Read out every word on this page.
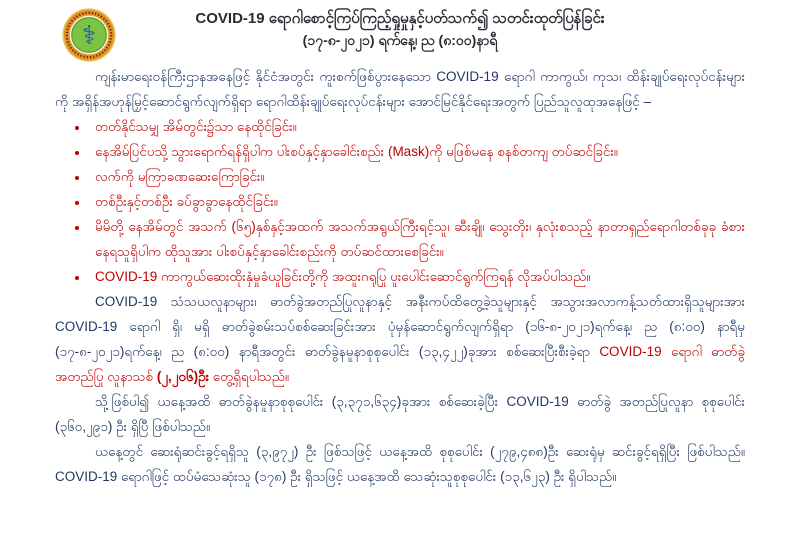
⚕
COVID-19 ရောဂါစောင့်ကြပ်ကြည့်ရှုမှုနှင့်ပတ်သက်၍ သတင်းထုတ်ပြန်ခြင်း
(၁၇-၈-၂၀၂၁) ရက်နေ့၊ ည (၈:၀၀)နာရီ

ကျန်းမာရေးဝန်ကြီးဌာနအနေဖြင့် နိုင်ငံအတွင်း ကူးစက်ဖြစ်ပွားနေသော COVID-19 ရောဂါ ကာကွယ်၊ ကုသ၊ ထိန်းချုပ်ရေးလုပ်ငန်းများကို အရှိန်အဟုန်မြှင့်ဆောင်ရွက်လျက်ရှိရာ ရောဂါထိန်းချုပ်ရေးလုပ်ငန်းများ အောင်မြင်နိုင်ရေးအတွက် ပြည်သူလူထုအနေဖြင့် –

• တတ်နိုင်သမျှ အိမ်တွင်း၌သာ နေထိုင်ခြင်း။
• နေအိမ်ပြင်ပသို့ သွားရောက်ရန်ရှိပါက ပါးစပ်နှင့်နှာခေါင်းစည်း (Mask)ကို မဖြစ်မနေ စနစ်တကျ တပ်ဆင်ခြင်း။
• လက်ကို မကြာခဏဆေးကြောခြင်း။
• တစ်ဦးနှင့်တစ်ဦး ခပ်ခွာခွာနေထိုင်ခြင်း။
• မိမိတို့ နေအိမ်တွင် အသက် (၆၅)နှစ်နှင့်အထက် အသက်အရွယ်ကြီးရင့်သူ၊ ဆီးချို၊ သွေးတိုး၊ နှလုံးစသည့် နာတာရှည်ရောဂါတစ်ခုခု ခံစားနေရသူရှိပါက ထိုသူအား ပါးစပ်နှင့်နှာခေါင်းစည်းကို တပ်ဆင်ထားစေခြင်း။
• COVID-19 ကာကွယ်ဆေးထိုးနှံမှုခံယူခြင်းတို့ကို အထူးဂရုပြု ပူးပေါင်းဆောင်ရွက်ကြရန် လိုအပ်ပါသည်။

COVID-19 သံသယလူနာများ၊ ဓာတ်ခွဲအတည်ပြုလူနာနှင့် အနီးကပ်ထိတွေ့ခဲ့သူများနှင့် အသွားအလာကန့်သတ်ထားရှိသူများအား COVID-19 ရောဂါ ရှိ၊ မရှိ ဓာတ်ခွဲစမ်းသပ်စစ်ဆေးခြင်းအား ပုံမှန်ဆောင်ရွက်လျက်ရှိရာ (၁၆-၈-၂၀၂၁)ရက်နေ့၊ ည (၈:၀၀) နာရီမှ (၁၇-၈-၂၀၂၁)ရက်နေ့၊ ည (၈:၀၀) နာရီအတွင်း ဓာတ်ခွဲနမူနာစုစုပေါင်း (၁၃,၄၂၂)ခုအား စစ်ဆေးပြီးစီးခဲ့ရာ COVID-19 ရောဂါ ဓာတ်ခွဲ အတည်ပြု လူနာသစ် (၂,၂၀၆)ဦး တွေ့ရှိရပါသည်။

သို့ဖြစ်ပါ၍ ယနေ့အထိ ဓာတ်ခွဲနမူနာစုစုပေါင်း (၃,၃၇၁,၆၃၄)ခုအား စစ်ဆေးခဲ့ပြီး COVID-19 ဓာတ်ခွဲ အတည်ပြုလူနာ စုစုပေါင်း (၃၆၀,၂၉၁) ဦး ရှိပြီ ဖြစ်ပါသည်။

ယနေ့တွင် ဆေးရုံဆင်းခွင့်ရရှိသူ (၃,၉၇၂) ဦး ဖြစ်သဖြင့် ယနေ့အထိ စုစုပေါင်း (၂၇၉,၄၈၈)ဦး ဆေးရုံမှ ဆင်းခွင့်ရရှိပြီး ဖြစ်ပါသည်။ COVID-19 ရောဂါဖြင့် ထပ်မံသေဆုံးသူ (၁၇၈) ဦး ရှိသဖြင့် ယနေ့အထိ သေဆုံးသူစုစုပေါင်း (၁၃,၆၂၃) ဦး ရှိပါသည်။
